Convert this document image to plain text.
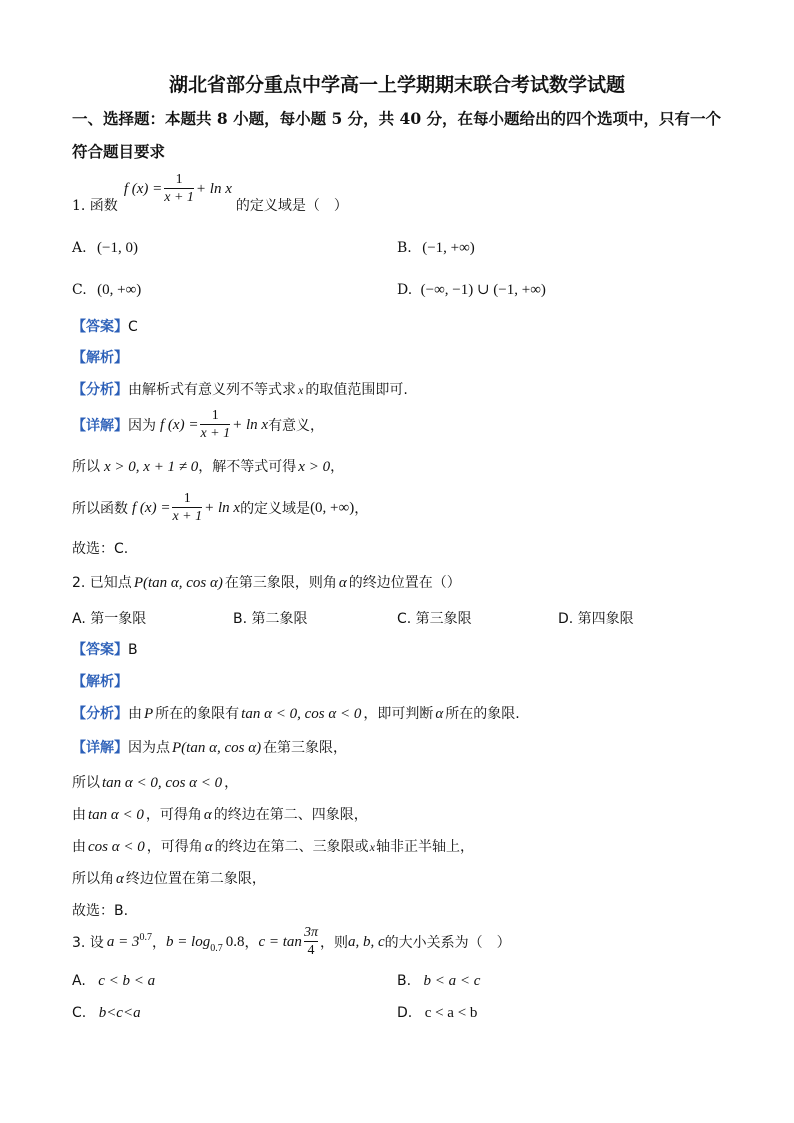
湖北省部分重点中学高一上学期期末联合考试数学试题
一、选择题：本题共 8 小题，每小题 5 分，共 40 分，在每小题给出的四个选项中，只有一个
符合题目要求
1. 函数
f $(x) = \frac{1}{x + 1} + \ln x$
的定义域是（　）
A. (−1, 0)	B. (−1, +∞)
C. (0, +∞)	D. (−∞, −1) ∪ (−1, +∞)
【答案】C
【解析】
【分析】由解析式有意义列不等式求 x 的取值范围即可.
【详解】 因为 f $(x) = \frac{1}{x + 1} + \ln x$ 有意义，
所以 x > 0, x + 1 ≠ 0，解不等式可得 x > 0，
所以函数 f $(x) = \frac{1}{x + 1} + \ln x$ 的定义域是 (0, +∞) ，
故选：C.
2. 已知点 P(tan α, cos α) 在第三象限，则角 α 的终边位置在（）
A. 第一象限	B. 第二象限	C. 第三象限	D. 第四象限
【答案】B
【解析】
【分析】由 P 所在的象限有 tan α < 0, cos α < 0 ，即可判断 α 所在的象限.
【详解】因为点 P(tan α, cos α) 在第三象限，
所以 tan α < 0, cos α < 0 ，
由 tan α < 0 ，可得角 α 的终边在第二、四象限，
由 cos α < 0 ，可得角 α 的终边在第二、三象限或x轴非正半轴上，
所以角 α 终边位置在第二象限，
故选：B.
3. 设 $a = 3^{0.7}$ ， $b = \log_{0.7} 0.8$ ， $c = \tan \frac{3\pi}{4}$ ，则 a, b, c 的大小关系为（　）
A. c < b < a	B. b < a < c
C. b<c<a	D. c < a < b
